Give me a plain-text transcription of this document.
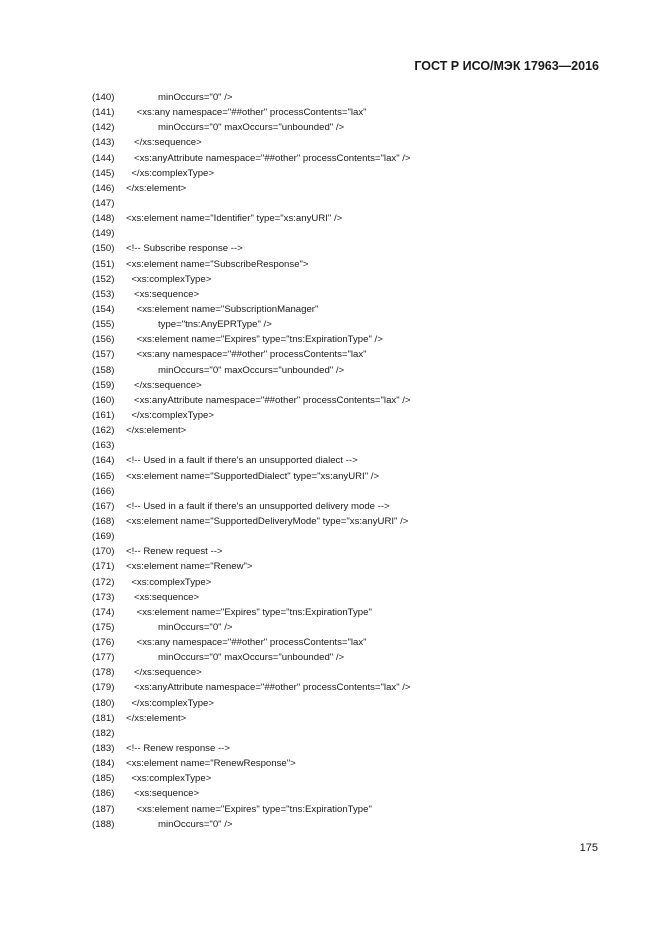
ГОСТ Р ИСО/МЭК 17963—2016
(140) minOccurs="0" />
(141) <xs:any namespace="##other" processContents="lax"
(142) minOccurs="0" maxOccurs="unbounded" />
(143) </xs:sequence>
(144) <xs:anyAttribute namespace="##other" processContents="lax" />
(145) </xs:complexType>
(146) </xs:element>
(147)
(148) <xs:element name="Identifier" type="xs:anyURI" />
(149)
(150) <!-- Subscribe response -->
(151) <xs:element name="SubscribeResponse">
(152) <xs:complexType>
(153) <xs:sequence>
(154) <xs:element name="SubscriptionManager"
(155) type="tns:AnyEPRType" />
(156) <xs:element name="Expires" type="tns:ExpirationType" />
(157) <xs:any namespace="##other" processContents="lax"
(158) minOccurs="0" maxOccurs="unbounded" />
(159) </xs:sequence>
(160) <xs:anyAttribute namespace="##other" processContents="lax" />
(161) </xs:complexType>
(162) </xs:element>
(163)
(164) <!-- Used in a fault if there's an unsupported dialect -->
(165) <xs:element name="SupportedDialect" type="xs:anyURI" />
(166)
(167) <!-- Used in a fault if there's an unsupported delivery mode -->
(168) <xs:element name="SupportedDeliveryMode" type="xs:anyURI" />
(169)
(170) <!-- Renew request -->
(171) <xs:element name="Renew">
(172) <xs:complexType>
(173) <xs:sequence>
(174) <xs:element name="Expires" type="tns:ExpirationType"
(175) minOccurs="0" />
(176) <xs:any namespace="##other" processContents="lax"
(177) minOccurs="0" maxOccurs="unbounded" />
(178) </xs:sequence>
(179) <xs:anyAttribute namespace="##other" processContents="lax" />
(180) </xs:complexType>
(181) </xs:element>
(182)
(183) <!-- Renew response -->
(184) <xs:element name="RenewResponse">
(185) <xs:complexType>
(186) <xs:sequence>
(187) <xs:element name="Expires" type="tns:ExpirationType"
(188) minOccurs="0" />
175
